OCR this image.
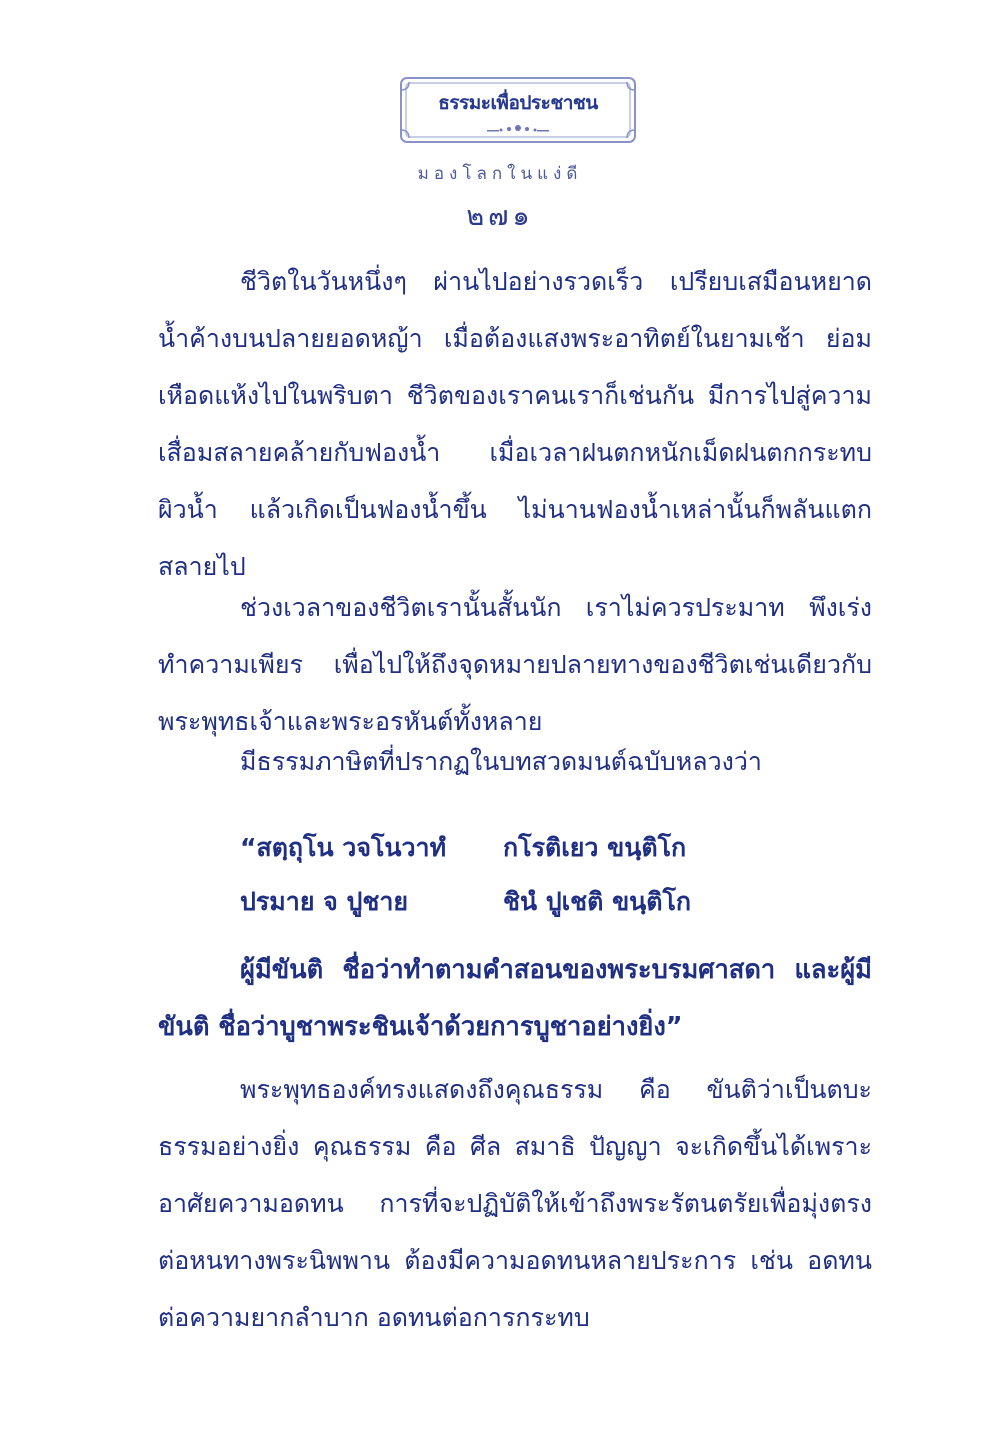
ธรรมะเพื่อประชาชน
มองโลกในแง่ดี
๒๗๑

ชีวิตในวันหนึ่งๆ ผ่านไปอย่างรวดเร็ว เปรียบเสมือนหยาดน้ำค้างบนปลายยอดหญ้า เมื่อต้องแสงพระอาทิตย์ในยามเช้า ย่อมเหือดแห้งไปในพริบตา ชีวิตของเราคนเราก็เช่นกัน มีการไปสู่ความเสื่อมสลายคล้ายกับฟองน้ำ เมื่อเวลาฝนตกหนักเม็ดฝนตกกระทบผิวน้ำ แล้วเกิดเป็นฟองน้ำขึ้น ไม่นานฟองน้ำเหล่านั้นก็พลันแตกสลายไป

ช่วงเวลาของชีวิตเรานั้นสั้นนัก เราไม่ควรประมาท พึงเร่งทำความเพียร เพื่อไปให้ถึงจุดหมายปลายทางของชีวิตเช่นเดียวกับพระพุทธเจ้าและพระอรหันต์ทั้งหลาย

มีธรรมภาษิตที่ปรากฏในบทสวดมนต์ฉบับหลวงว่า

“สตฺถุโน วจโนวาทํ กโรติเยว ขนฺติโก
ปรมาย จ ปูชาย	ชินํ ปูเชติ ขนฺติโก

ผู้มีขันติ ชื่อว่าทำตามคำสอนของพระบรมศาสดา และผู้มีขันติ ชื่อว่าบูชาพระชินเจ้าด้วยการบูชาอย่างยิ่ง”

พระพุทธองค์ทรงแสดงถึงคุณธรรม คือ ขันติว่าเป็นตบะธรรมอย่างยิ่ง คุณธรรม คือ ศีล สมาธิ ปัญญา จะเกิดขึ้นได้เพราะอาศัยความอดทน การที่จะปฏิบัติให้เข้าถึงพระรัตนตรัยเพื่อมุ่งตรงต่อหนทางพระนิพพาน ต้องมีความอดทนหลายประการ เช่น อดทนต่อความยากลำบาก อดทนต่อการกระทบ
